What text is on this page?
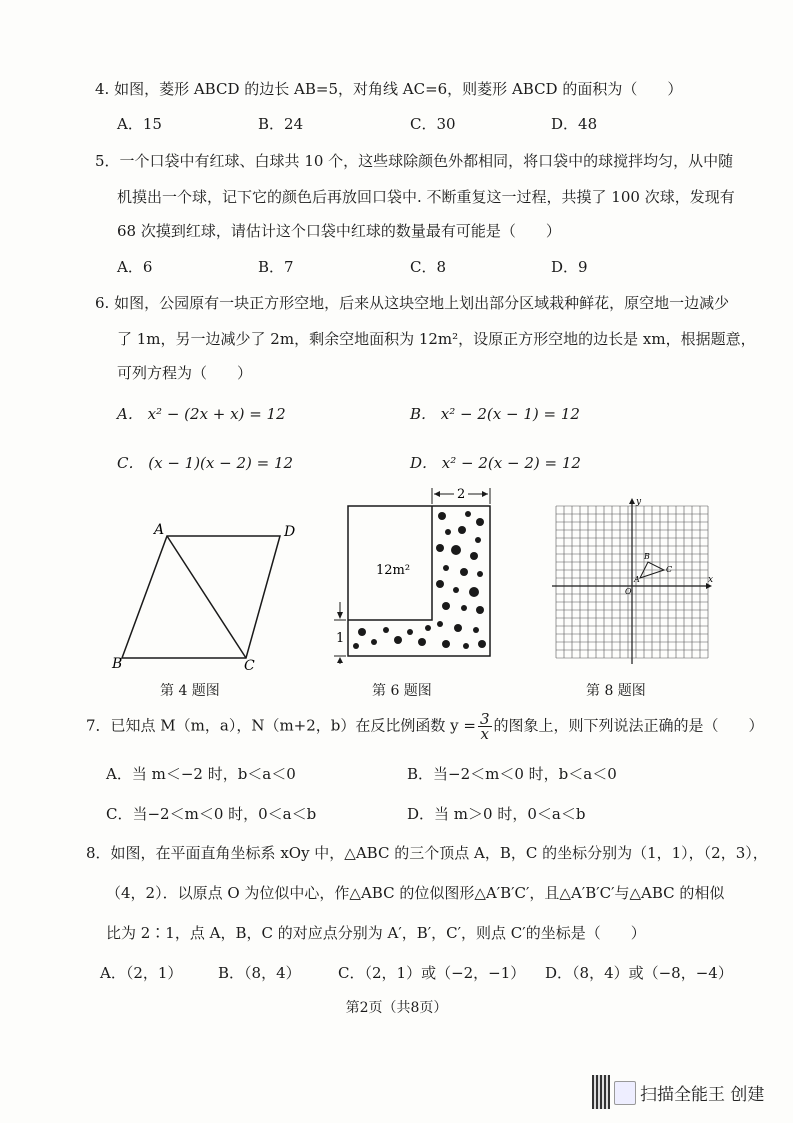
4. 如图，菱形 ABCD 的边长 AB=5，对角线 AC=6，则菱形 ABCD 的面积为（　　）
A．15	B．24	C．30	D．48
5．一个口袋中有红球、白球共 10 个，这些球除颜色外都相同，将口袋中的球搅拌均匀，从中随
机摸出一个球，记下它的颜色后再放回口袋中. 不断重复这一过程，共摸了 100 次球，发现有
68 次摸到红球，请估计这个口袋中红球的数量最有可能是（　　）
A．6	B．7	C．8	D．9
6. 如图，公园原有一块正方形空地，后来从这块空地上划出部分区域栽种鲜花，原空地一边减少
了 1m，另一边减少了 2m，剩余空地面积为 12m²，设原正方形空地的边长是 xm，根据题意，
可列方程为（　　）
A． x² − (2x + x) = 12	B． x² − 2(x − 1) = 12
C． (x − 1)(x − 2) = 12	D． x² − 2(x − 2) = 12
A	D
B	C
第 4 题图
2
1
12m²
第 6 题图
x
y
O
B
C
A
第 8 题图
7．已知点 M（m，a），N（m+2，b）在反比例函数 $y = \frac{3}{x}$ 的图象上，则下列说法正确的是（　　）
A．当 m＜−2 时，b＜a＜0	B．当−2＜m＜0 时，b＜a＜0
C．当−2＜m＜0 时，0＜a＜b	D．当 m＞0 时，0＜a＜b
8．如图，在平面直角坐标系 xOy 中，△ABC 的三个顶点 A，B，C 的坐标分别为（1，1），（2，3），
（4，2）．以原点 O 为位似中心，作△ABC 的位似图形△A′B′C′，且△A′B′C′与△ABC 的相似
比为 2∶1，点 A，B，C 的对应点分别为 A′，B′，C′，则点 C′的坐标是（　　）
A．（2，1） B．（8，4） C．（2，1）或（−2，−1） D．（8，4）或（−8，−4）
第2页（共8页）
扫描全能王 创建
